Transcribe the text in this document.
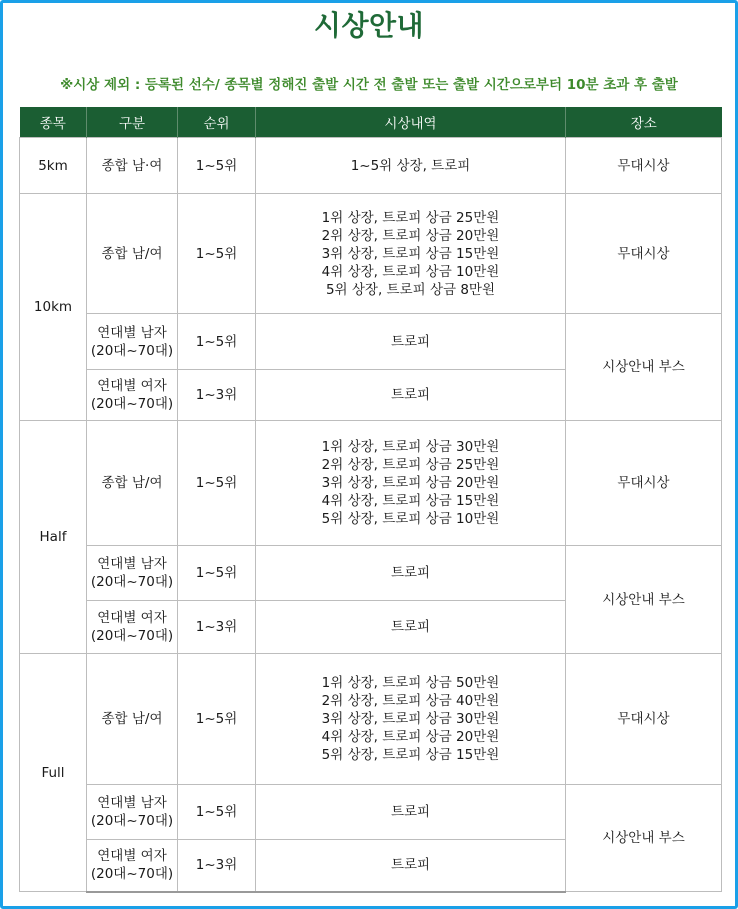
시상안내
※시상 제외 : 등록된 선수/ 종목별 정해진 출발 시간 전 출발 또는 출발 시간으로부터 10분 초과 후 출발
종목	구분	순위	시상내역	장소
5km	종합 남·여	1~5위	1~5위 상장, 트로피	무대시상
10km	종합 남/여	1~5위	1위 상장, 트로피 상금 25만원
2위 상장, 트로피 상금 20만원
3위 상장, 트로피 상금 15만원
4위 상장, 트로피 상금 10만원
5위 상장, 트로피 상금 8만원	무대시상
	연대별 남자
(20대~70대)	1~5위	트로피	시상안내 부스
	연대별 여자
(20대~70대)	1~3위	트로피	
Half	종합 남/여	1~5위	1위 상장, 트로피 상금 30만원
2위 상장, 트로피 상금 25만원
3위 상장, 트로피 상금 20만원
4위 상장, 트로피 상금 15만원
5위 상장, 트로피 상금 10만원	무대시상
	연대별 남자
(20대~70대)	1~5위	트로피	시상안내 부스
	연대별 여자
(20대~70대)	1~3위	트로피	
Full	종합 남/여	1~5위	1위 상장, 트로피 상금 50만원
2위 상장, 트로피 상금 40만원
3위 상장, 트로피 상금 30만원
4위 상장, 트로피 상금 20만원
5위 상장, 트로피 상금 15만원	무대시상
	연대별 남자
(20대~70대)	1~5위	트로피	시상안내 부스
	연대별 여자
(20대~70대)	1~3위	트로피	
